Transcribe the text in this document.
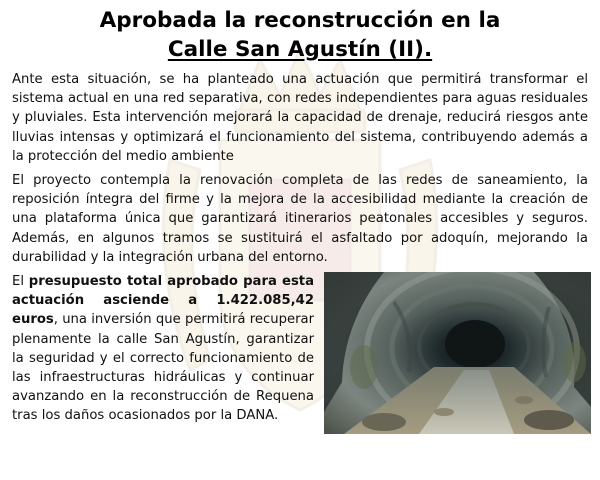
Aprobada la reconstrucción en la
Calle San Agustín (II).

Ante esta situación, se ha planteado una actuación que permitirá transformar el sistema actual en una red separativa, con redes independientes para aguas residuales y pluviales. Esta intervención mejorará la capacidad de drenaje, reducirá riesgos ante lluvias intensas y optimizará el funcionamiento del sistema, contribuyendo además a la protección del medio ambiente

El proyecto contempla la renovación completa de las redes de saneamiento, la reposición íntegra del firme y la mejora de la accesibilidad mediante la creación de una plataforma única que garantizará itinerarios peatonales accesibles y seguros. Además, en algunos tramos se sustituirá el asfaltado por adoquín, mejorando la durabilidad y la integración urbana del entorno.

El presupuesto total aprobado para esta actuación asciende a 1.422.085,42 euros, una inversión que permitirá recuperar plenamente la calle San Agustín, garantizar la seguridad y el correcto funcionamiento de las infraestructuras hidráulicas y continuar avanzando en la reconstrucción de Requena tras los daños ocasionados por la DANA.
